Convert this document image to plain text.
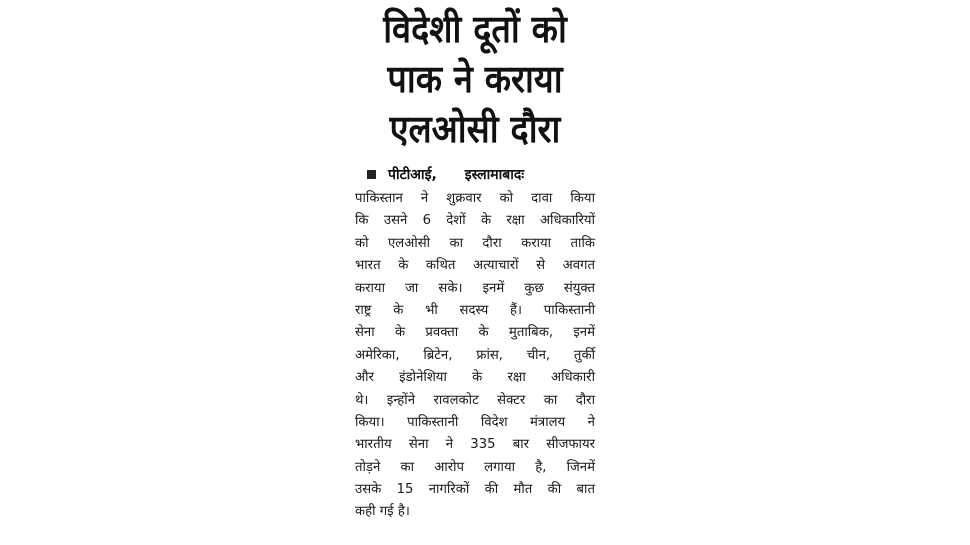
विदेशी दूतों को
पाक ने कराया
एलओसी दौरा
पीटीआई, इस्लामाबादः
पाकिस्तान ने शुक्रवार को दावा किया
कि उसने 6 देशों के रक्षा अधिकारियों
को एलओसी का दौरा कराया ताकि
भारत के कथित अत्याचारों से अवगत
कराया जा सके। इनमें कुछ संयुक्त
राष्ट्र के भी सदस्य हैं। पाकिस्तानी
सेना के प्रवक्ता के मुताबिक, इनमें
अमेरिका, ब्रिटेन, फ्रांस, चीन, तुर्की
और इंडोनेशिया के रक्षा अधिकारी
थे। इन्होंने रावलकोट सेक्टर का दौरा
किया। पाकिस्तानी विदेश मंत्रालय ने
भारतीय सेना ने 335 बार सीजफायर
तोड़ने का आरोप लगाया है, जिनमें
उसके 15 नागरिकों की मौत की बात
कही गई है।
